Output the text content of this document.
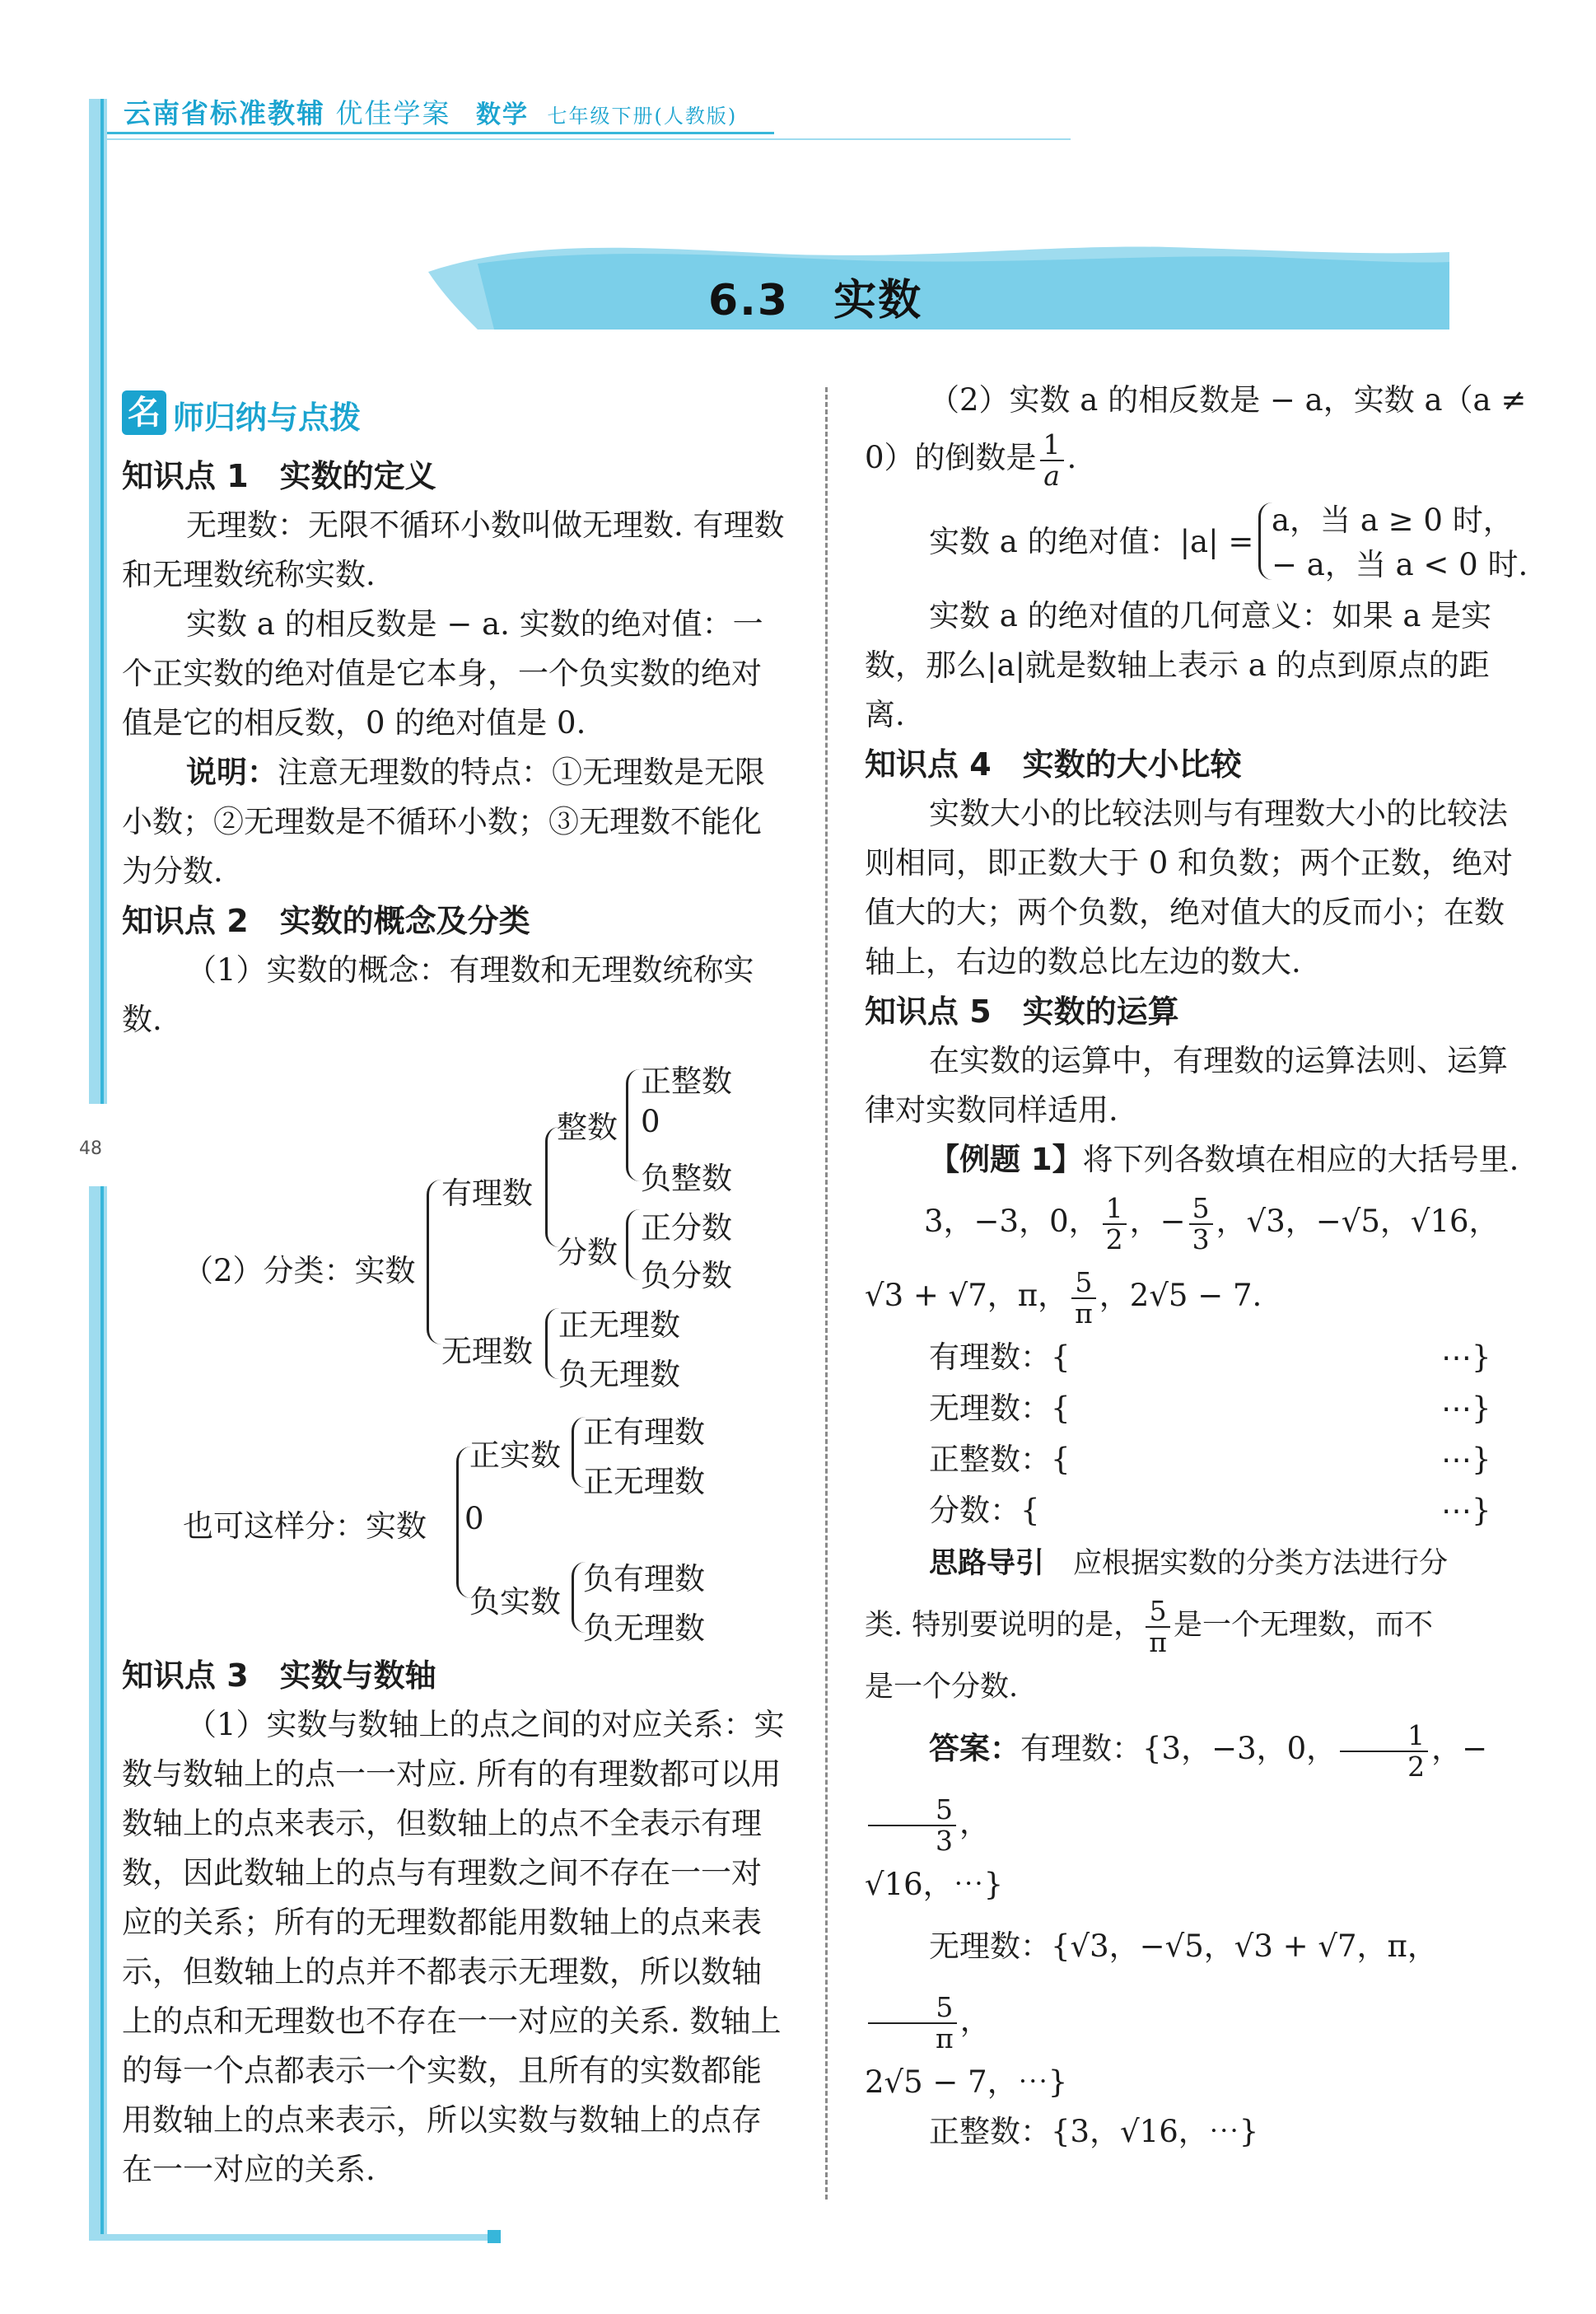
48
云南省标准教辅 优佳学案 数学 七年级下册(人教版)
6.3　实数
名 师归纳与点拨

知识点 1　实数的定义

无理数：无限不循环小数叫做无理数. 有理数和无理数统称实数.

实数 a 的相反数是 − a. 实数的绝对值：一个正实数的绝对值是它本身，一个负实数的绝对值是它的相反数，0 的绝对值是 0.

说明：注意无理数的特点：①无理数是无限小数；②无理数是不循环小数；③无理数不能化为分数.

知识点 2　实数的概念及分类

（1）实数的概念：有理数和无理数统称实数.

（2）分类：实数
有理数
整数
正整数
0
负整数
分数
正分数
负分数
无理数
正无理数
负无理数
也可这样分：实数
正实数
正有理数
正无理数
0
负实数
负有理数
负无理数

知识点 3　实数与数轴

（1）实数与数轴上的点之间的对应关系：实数与数轴上的点一一对应. 所有的有理数都可以用数轴上的点来表示，但数轴上的点不全表示有理数，因此数轴上的点与有理数之间不存在一一对应的关系；所有的无理数都能用数轴上的点来表示，但数轴上的点并不都表示无理数，所以数轴上的点和无理数也不存在一一对应的关系. 数轴上的每一个点都表示一个实数，且所有的实数都能用数轴上的点来表示，所以实数与数轴上的点存在一一对应的关系.

（2）实数 a 的相反数是 − a，实数 a（a ≠

0）的倒数是 $\frac{1}{a}$ .

实数 a 的绝对值：|a| =
a，当 a ≥ 0 时，
− a，当 a < 0 时.

实数 a 的绝对值的几何意义：如果 a 是实数，那么|a|就是数轴上表示 a 的点到原点的距离.

知识点 4　实数的大小比较

实数大小的比较法则与有理数大小的比较法则相同，即正数大于 0 和负数；两个正数，绝对值大的大；两个负数，绝对值大的反而小；在数轴上，右边的数总比左边的数大.

知识点 5　实数的运算

在实数的运算中，有理数的运算法则、运算律对实数同样适用.

【例题 1】将下列各数填在相应的大括号里.

3，−3，0， $\frac{1}{2}$ ，− $\frac{5}{3}$ ，√3，−√5，√16，

√3 + √7，π， $\frac{5}{\pi}$ ，2√5 − 7.

有理数：{	⋯}
无理数：{	⋯}
正整数：{	⋯}
分数：{	⋯}

思路导引　 应根据实数的分类方法进行分

类. 特别要说明的是， $\frac{5}{\pi}$ 是一个无理数，而不

是一个分数.

答案：有理数：{3，−3，0， $\frac{1}{2}$ ，−
$\frac{5}{3}$ ，

√16，⋯}

无理数：{√3，−√5，√3 + √7，π，
$\frac{5}{\pi}$ ，

2√5 − 7，⋯}

正整数：{3，√16，⋯}
